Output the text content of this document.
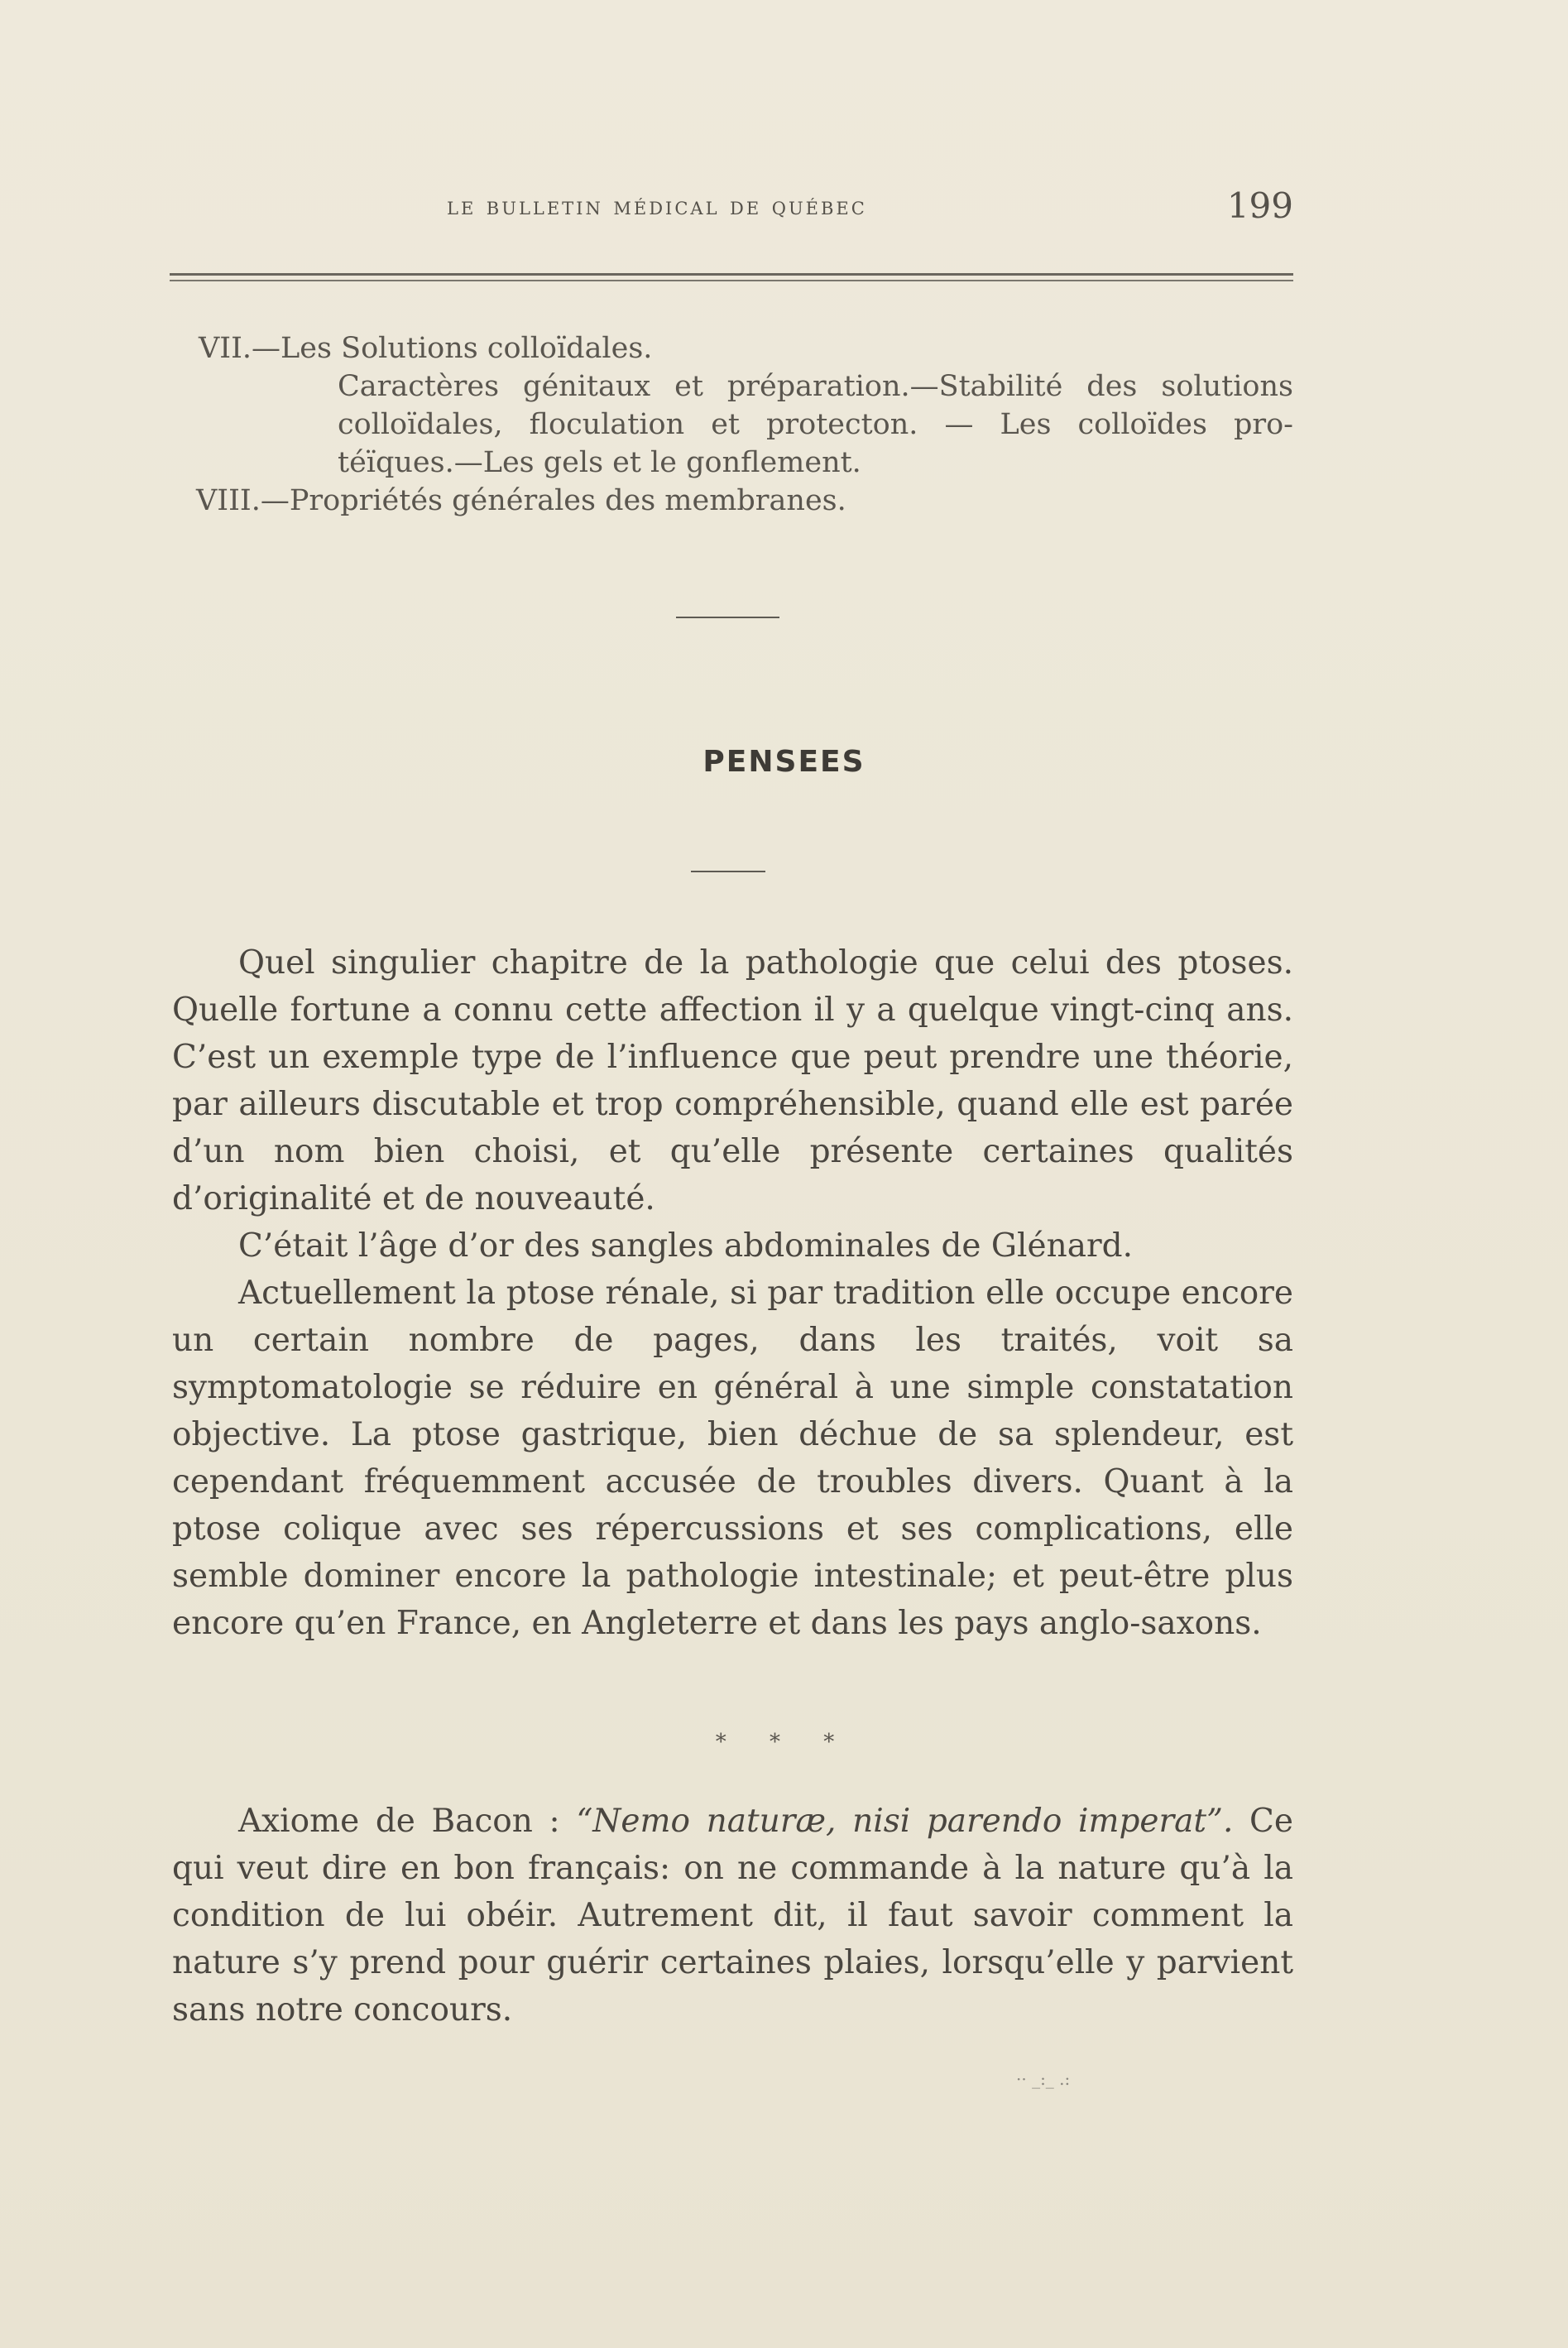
le bulletin médical de québec	199

VII.—Les Solutions colloïdales.

Caractères génitaux et préparation.—Stabilité des solutions

colloïdales, floculation et protecton. — Les colloïdes pro-

téïques.—Les gels et le gonflement.

VIII.—Propriétés générales des membranes.

PENSEES

Quel singulier chapitre de la pathologie que celui des ptoses. Quelle fortune a connu cette affection il y a quelque vingt-cinq ans. C’est un exemple type de l’influence que peut prendre une théorie, par ailleurs discutable et trop compréhensible, quand elle est parée d’un nom bien choisi, et qu’elle présente certaines qualités d’originalité et de nouveauté.

C’était l’âge d’or des sangles abdominales de Glénard.

Actuellement la ptose rénale, si par tradition elle occupe encore un certain nombre de pages, dans les traités, voit sa symptomatologie se réduire en général à une simple constatation objective. La ptose gastrique, bien déchue de sa splendeur, est cependant fréquemment accusée de troubles divers. Quant à la ptose colique avec ses répercussions et ses complications, elle semble dominer encore la pathologie intestinale; et peut-être plus encore qu’en France, en Angleterre et dans les pays anglo-saxons.

* * *

Axiome de Bacon : “Nemo naturæ, nisi parendo imperat”. Ce qui veut dire en bon français: on ne commande à la nature qu’à la condition de lui obéir. Autrement dit, il faut savoir comment la nature s’y prend pour guérir certaines plaies, lorsqu’elle y parvient sans notre concours.

·· _:_ .:
